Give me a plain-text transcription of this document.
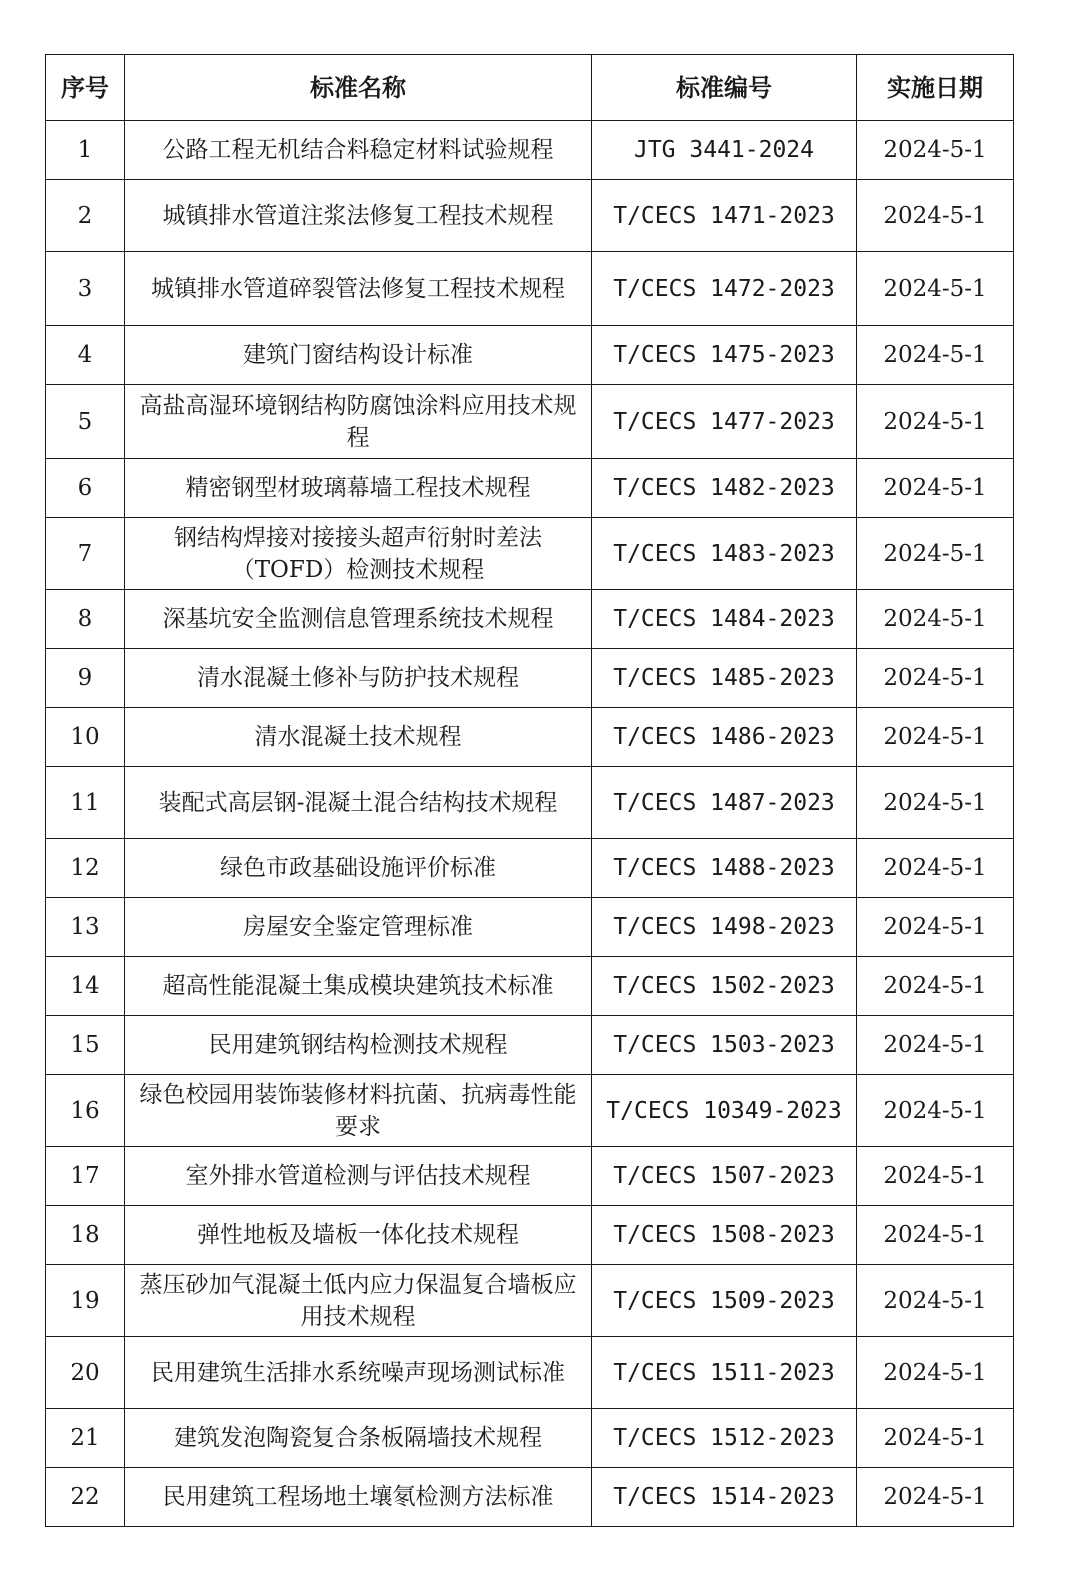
序号	标准名称	标准编号	实施日期
1	公路工程无机结合料稳定材料试验规程	JTG 3441-2024	2024-5-1
2	城镇排水管道注浆法修复工程技术规程	T/CECS 1471-2023	2024-5-1
3	城镇排水管道碎裂管法修复工程技术规程	T/CECS 1472-2023	2024-5-1
4	建筑门窗结构设计标准	T/CECS 1475-2023	2024-5-1
5	高盐高湿环境钢结构防腐蚀涂料应用技术规程	T/CECS 1477-2023	2024-5-1
6	精密钢型材玻璃幕墙工程技术规程	T/CECS 1482-2023	2024-5-1
7	钢结构焊接对接接头超声衍射时差法（TOFD）检测技术规程	T/CECS 1483-2023	2024-5-1
8	深基坑安全监测信息管理系统技术规程	T/CECS 1484-2023	2024-5-1
9	清水混凝土修补与防护技术规程	T/CECS 1485-2023	2024-5-1
10	清水混凝土技术规程	T/CECS 1486-2023	2024-5-1
11	装配式高层钢-混凝土混合结构技术规程	T/CECS 1487-2023	2024-5-1
12	绿色市政基础设施评价标准	T/CECS 1488-2023	2024-5-1
13	房屋安全鉴定管理标准	T/CECS 1498-2023	2024-5-1
14	超高性能混凝土集成模块建筑技术标准	T/CECS 1502-2023	2024-5-1
15	民用建筑钢结构检测技术规程	T/CECS 1503-2023	2024-5-1
16	绿色校园用装饰装修材料抗菌、抗病毒性能要求	T/CECS 10349-2023	2024-5-1
17	室外排水管道检测与评估技术规程	T/CECS 1507-2023	2024-5-1
18	弹性地板及墙板一体化技术规程	T/CECS 1508-2023	2024-5-1
19	蒸压砂加气混凝土低内应力保温复合墙板应用技术规程	T/CECS 1509-2023	2024-5-1
20	民用建筑生活排水系统噪声现场测试标准	T/CECS 1511-2023	2024-5-1
21	建筑发泡陶瓷复合条板隔墙技术规程	T/CECS 1512-2023	2024-5-1
22	民用建筑工程场地土壤氡检测方法标准	T/CECS 1514-2023	2024-5-1
